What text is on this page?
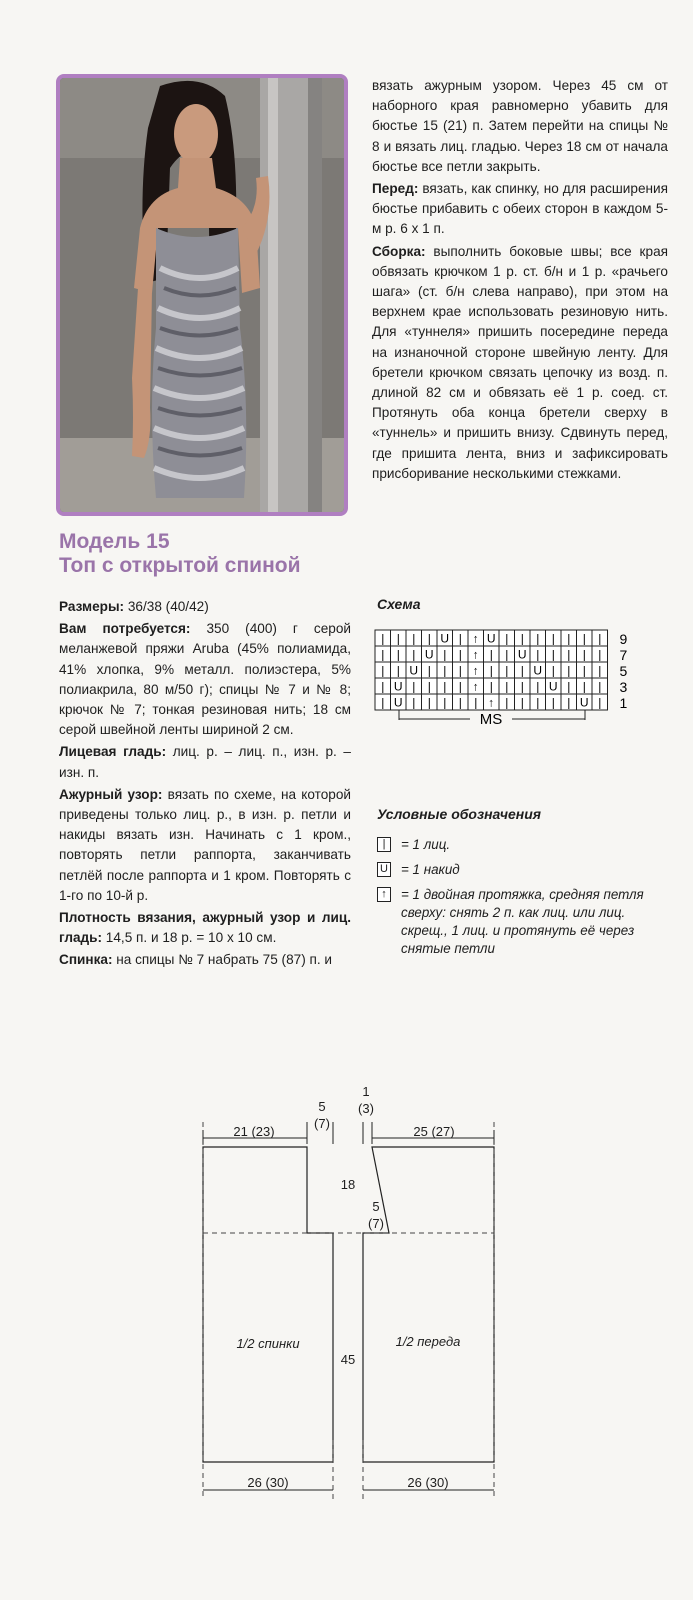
вязать ажурным узором. Через 45 см от наборного края равномерно убавить для бюстье 15 (21) п. Затем перейти на спицы № 8 и вязать лиц. гладью. Через 18 см от начала бюстье все петли закрыть.

Перед: вязать, как спинку, но для расширения бюстье прибавить с обеих сторон в каждом 5-м р. 6 х 1 п.

Сборка: выполнить боковые швы; все края обвязать крючком 1 р. ст. б/н и 1 р. «рачьего шага» (ст. б/н слева направо), при этом на верхнем крае использовать резиновую нить. Для «туннеля» пришить посередине переда на изнаночной стороне швейную ленту. Для бретели крючком связать цепочку из возд. п. длиной 82 см и обвязать её 1 р. соед. ст. Протянуть оба конца бретели сверху в «туннель» и пришить внизу. Сдвинуть перед, где пришита лента, вниз и зафиксировать присборивание несколькими стежками.

Модель 15
Топ с открытой спиной

Размеры: 36/38 (40/42)

Вам потребуется: 350 (400) г серой меланжевой пряжи Aruba (45% полиамида, 41% хлопка, 9% металл. полиэстера, 5% полиакрила, 80 м/50 г); спицы № 7 и № 8; крючок № 7; тонкая резиновая нить; 18 см серой швейной ленты шириной 2 см.

Лицевая гладь: лиц. р. – лиц. п., изн. р. – изн. п.

Ажурный узор: вязать по схеме, на которой приведены только лиц. р., в изн. р. петли и накиды вязать изн. Начинать с 1 кром., повторять петли раппорта, заканчивать петлёй после раппорта и 1 кром. Повторять с 1-го по 10-й р.

Плотность вязания, ажурный узор и лиц. гладь: 14,5 п. и 18 р. = 10 х 10 см.

Спинка: на спицы № 7 набрать 75 (87) п. и

Схема
| | | | U | ↑ U | | | | | | |
| | | U | | ↑ | | U | | | | |
| | U | | | ↑ | | | U | | | |
| U | | | | ↑ | | | | U | | |
| U | | | | | ↑ | | | | | U |
9
7
5
3
1
MS
Условные обозначения
|	= 1 лиц.
U = 1 накид
↑	= 1 двойная протяжка, средняя петля сверху: снять 2 п. как лиц. или лиц. скрещ., 1 лиц. и протянуть её через снятые петли
21 (23)
5
(7)
1
(3)
25 (27)
18
5
(7)
45
26 (30)	26 (30)
1/2 спинки	1/2 переда
